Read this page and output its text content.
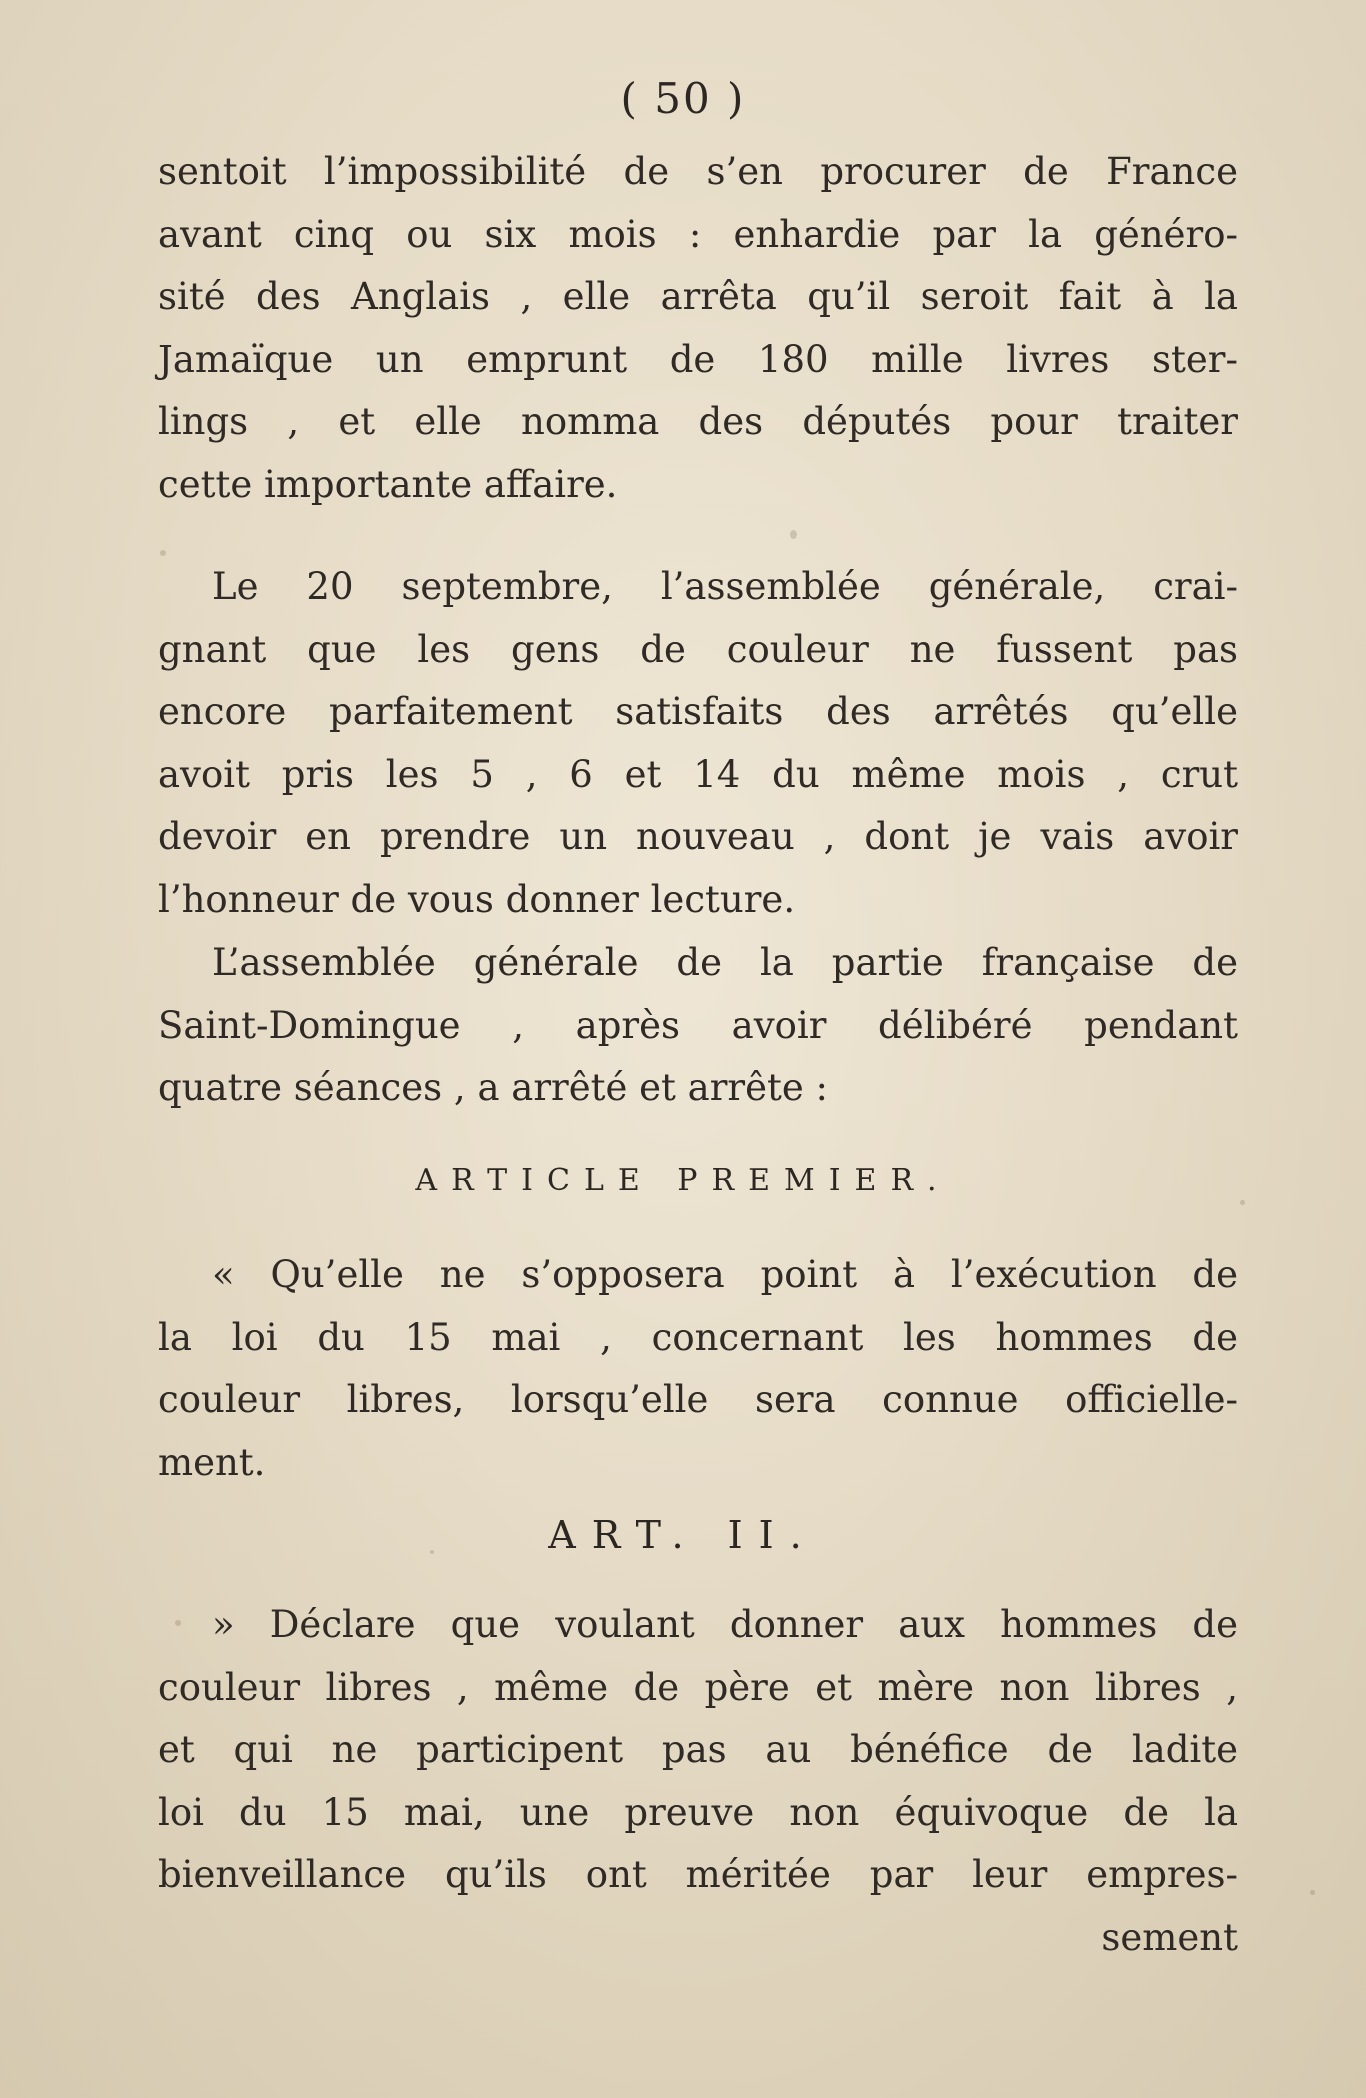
( 50 )
sentoit l’impossibilité de s’en procurer de France
avant cinq ou six mois : enhardie par la généro-
sité des Anglais , elle arrêta qu’il seroit fait à la
Jamaïque un emprunt de 180 mille livres ster-
lings , et elle nomma des députés pour traiter
cette importante affaire.
Le 20 septembre, l’assemblée générale, crai-
gnant que les gens de couleur ne fussent pas
encore parfaitement satisfaits des arrêtés qu’elle
avoit pris les 5 , 6 et 14 du même mois , crut
devoir en prendre un nouveau , dont je vais avoir
l’honneur de vous donner lecture.
L’assemblée générale de la partie française de
Saint-Domingue , après avoir délibéré pendant
quatre séances , a arrêté et arrête :
ARTICLE PREMIER.
« Qu’elle ne s’opposera point à l’exécution de
la loi du 15 mai , concernant les hommes de
couleur libres, lorsqu’elle sera connue officielle-
ment.
ART. II.
» Déclare que voulant donner aux hommes de
couleur libres , même de père et mère non libres ,
et qui ne participent pas au bénéfice de ladite
loi du 15 mai, une preuve non équivoque de la
bienveillance qu’ils ont méritée par leur empres-
sement
